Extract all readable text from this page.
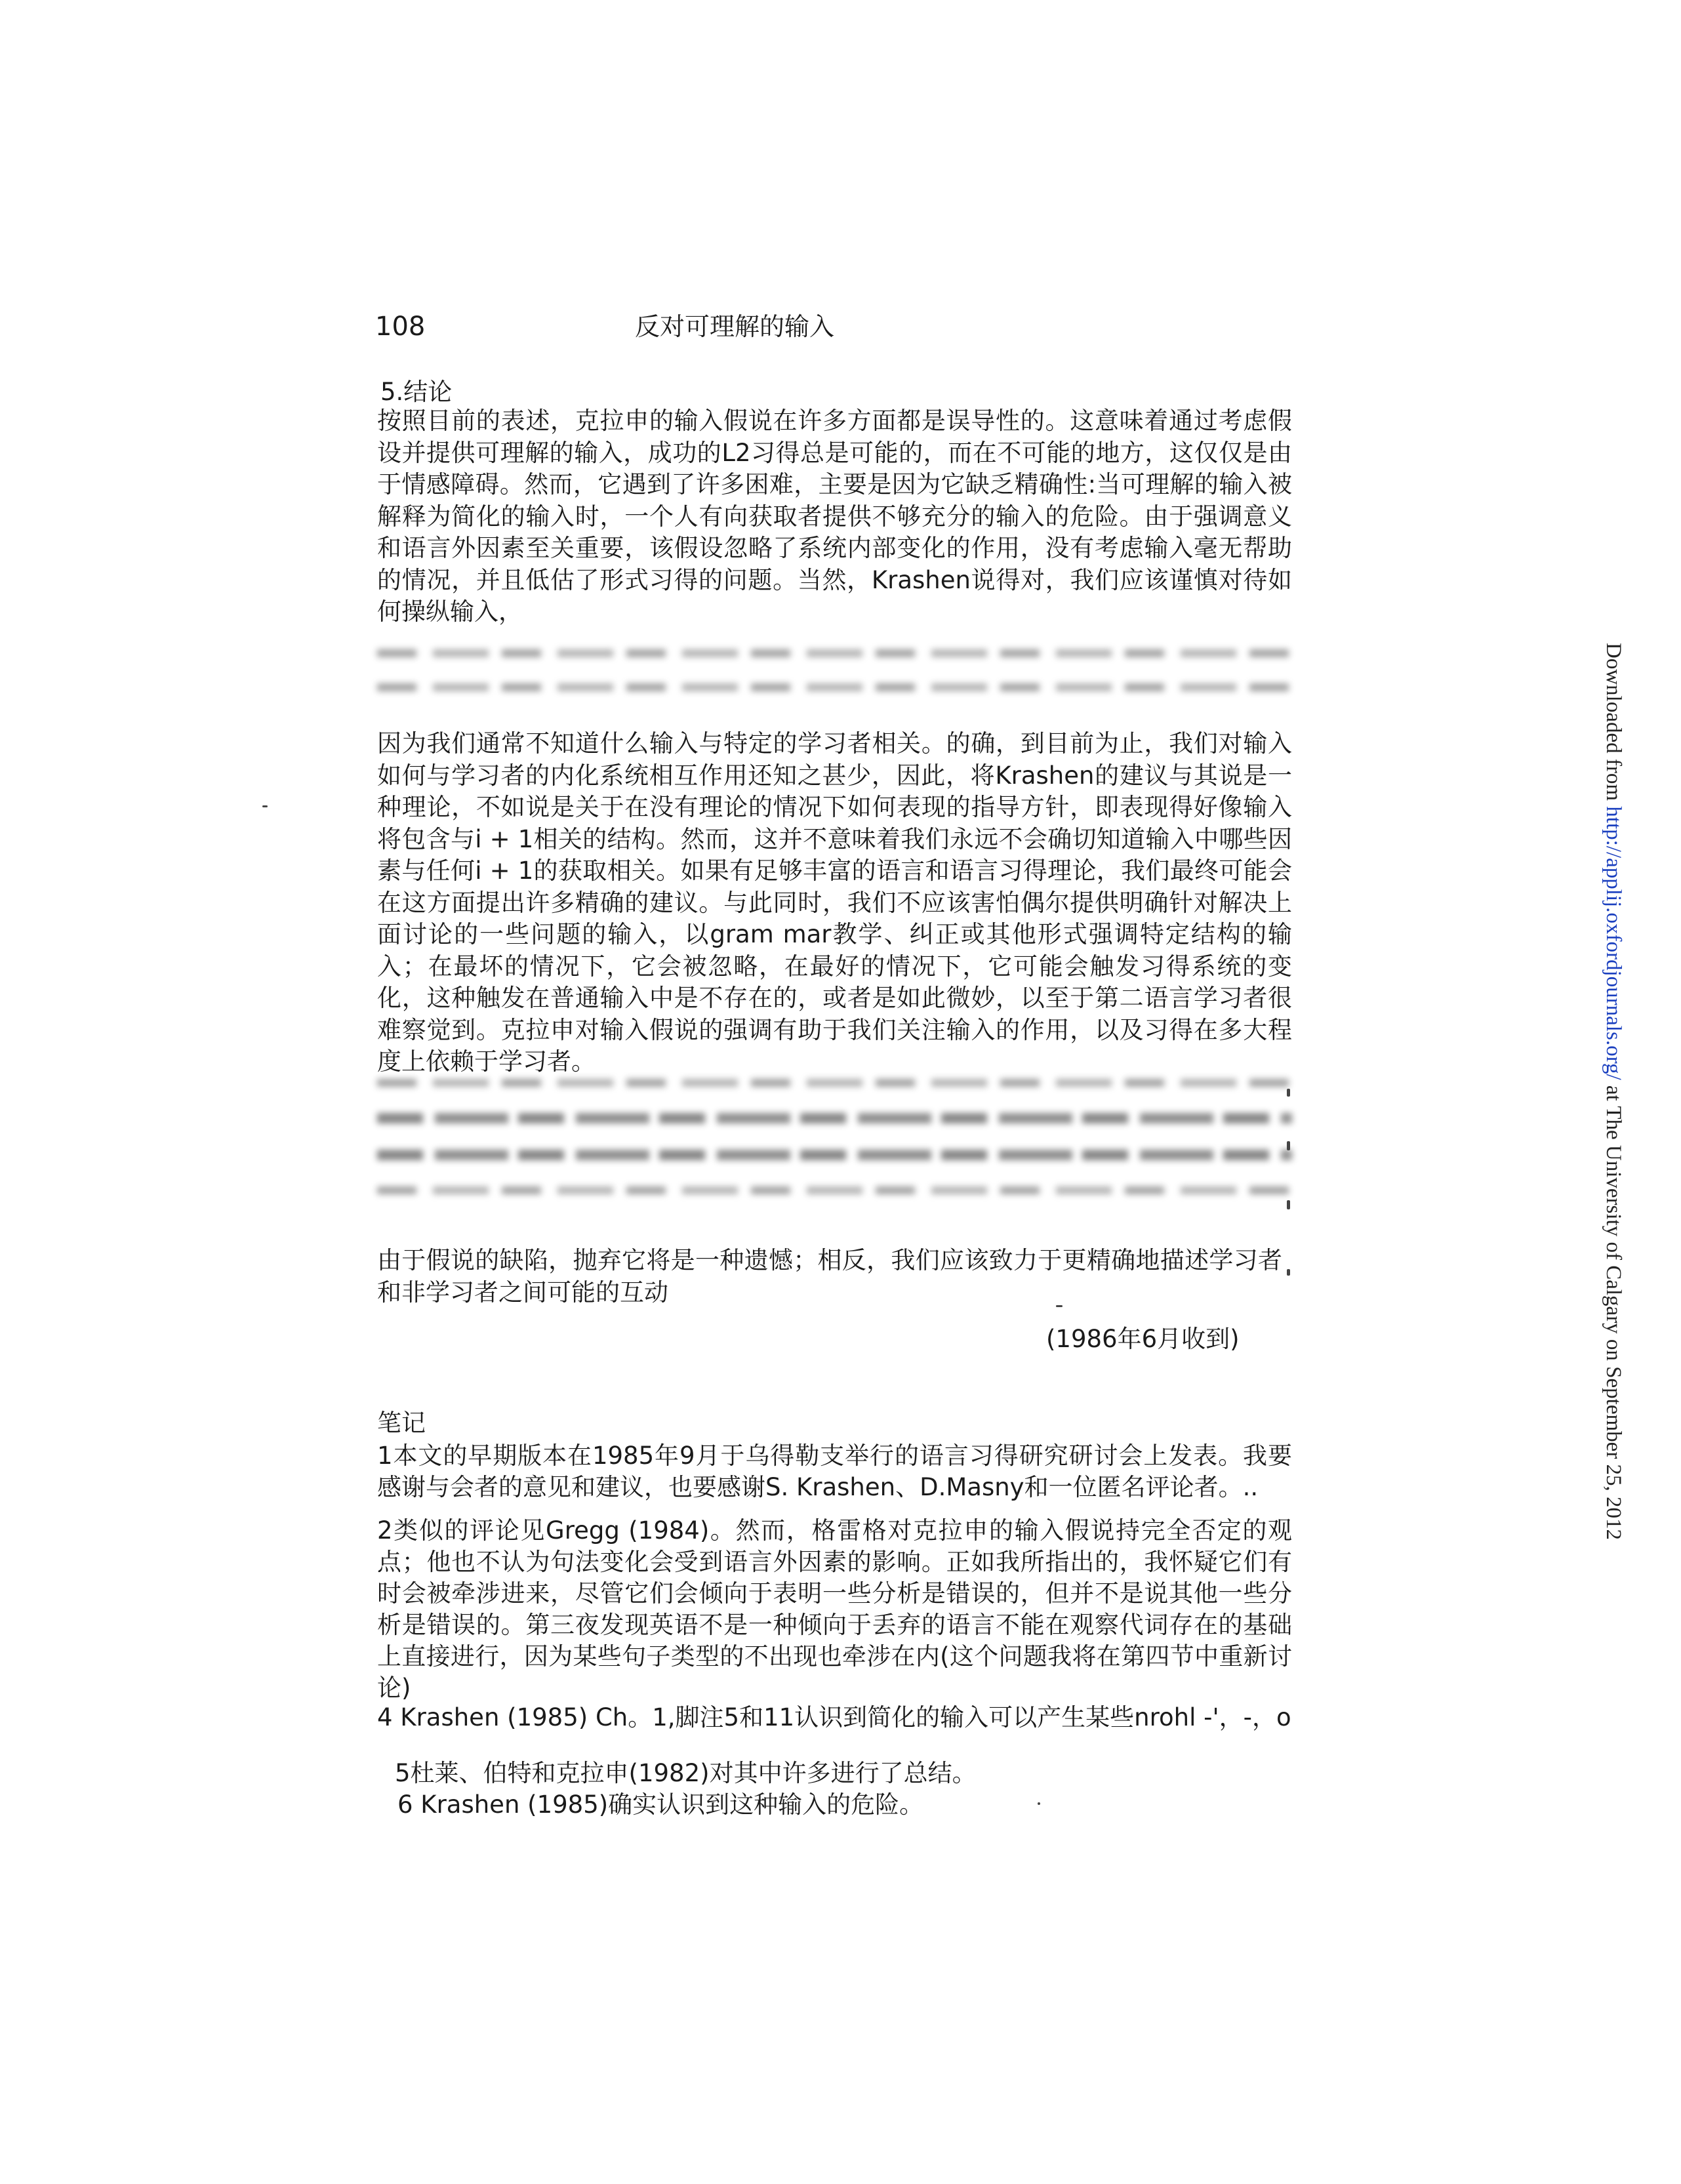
108	反对可理解的输入
5.结论
按照目前的表述，克拉申的输入假说在许多方面都是误导性的。这意味着通过考虑假设并提供可理解的输入，成功的L2习得总是可能的，而在不可能的地方，这仅仅是由于情感障碍。然而，它遇到了许多困难，主要是因为它缺乏精确性:当可理解的输入被解释为简化的输入时，一个人有向获取者提供不够充分的输入的危险。由于强调意义和语言外因素至关重要，该假设忽略了系统内部变化的作用，没有考虑输入毫无帮助的情况，并且低估了形式习得的问题。当然，Krashen说得对，我们应该谨慎对待如何操纵输入，
因为我们通常不知道什么输入与特定的学习者相关。的确，到目前为止，我们对输入如何与学习者的内化系统相互作用还知之甚少，因此，将Krashen的建议与其说是一种理论，不如说是关于在没有理论的情况下如何表现的指导方针，即表现得好像输入将包含与i + 1相关的结构。然而，这并不意味着我们永远不会确切知道输入中哪些因素与任何i + 1的获取相关。如果有足够丰富的语言和语言习得理论，我们最终可能会在这方面提出许多精确的建议。与此同时，我们不应该害怕偶尔提供明确针对解决上面讨论的一些问题的输入，以gram mar教学、纠正或其他形式强调特定结构的输入；在最坏的情况下，它会被忽略，在最好的情况下，它可能会触发习得系统的变化，这种触发在普通输入中是不存在的，或者是如此微妙，以至于第二语言学习者很难察觉到。克拉申对输入假说的强调有助于我们关注输入的作用，以及习得在多大程度上依赖于学习者。
由于假说的缺陷，抛弃它将是一种遗憾；相反，我们应该致力于更精确地描述学习者和非学习者之间可能的互动
(1986年6月收到)
笔记
1本文的早期版本在1985年9月于乌得勒支举行的语言习得研究研讨会上发表。我要感谢与会者的意见和建议，也要感谢S. Krashen、D.Masny和一位匿名评论者。..
2类似的评论见Gregg (1984)。然而，格雷格对克拉申的输入假说持完全否定的观点；他也不认为句法变化会受到语言外因素的影响。正如我所指出的，我怀疑它们有时会被牵涉进来，尽管它们会倾向于表明一些分析是错误的，但并不是说其他一些分析是错误的。第三夜发现英语不是一种倾向于丢弃的语言不能在观察代词存在的基础上直接进行，因为某些句子类型的不出现也牵涉在内(这个问题我将在第四节中重新讨论)
4 Krashen (1985) Ch。1,脚注5和11认识到简化的输入可以产生某些nrohl -'，-，o
5杜莱、伯特和克拉申(1982)对其中许多进行了总结。
6 Krashen (1985)确实认识到这种输入的危险。
Downloaded from http://applij.oxfordjournals.org/ at The University of Calgary on September 25, 2012
